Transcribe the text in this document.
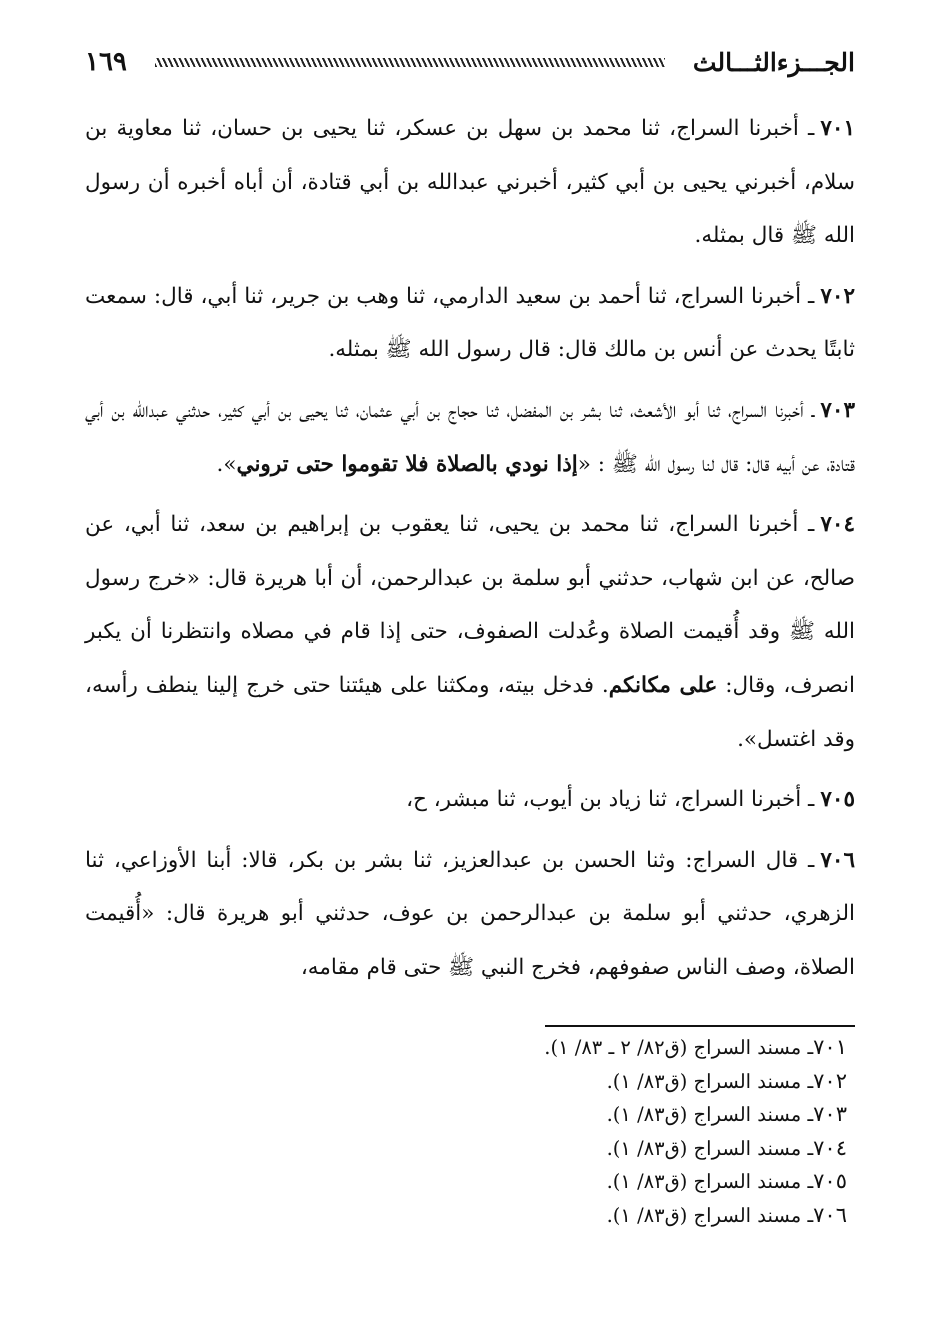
١٦٩	الجـــزءالثـــالث

٧٠١ـ أخبرنا السراج، ثنا محمد بن سهل بن عسكر، ثنا يحيى بن حسان، ثنا معاوية بن سلام، أخبرني يحيى بن أبي كثير، أخبرني عبدالله بن أبي قتادة، أن أباه أخبره أن رسول الله ﷺ قال بمثله.

٧٠٢ـ أخبرنا السراج، ثنا أحمد بن سعيد الدارمي، ثنا وهب بن جرير، ثنا أبي، قال: سمعت ثابتًا يحدث عن أنس بن مالك قال: قال رسول الله ﷺ بمثله.

٧٠٣ـ أخبرنا السراج، ثنا أبو الأشعث، ثنا بشر بن المفضل، ثنا حجاج بن أبي عثمان، ثنا يحيى بن أبي كثير، حدثني عبدالله بن أبي قتادة، عن أبيه قال: قال لنا رسول الله ﷺ : «إذا نودي بالصلاة فلا تقوموا حتى تروني».

٧٠٤ـ أخبرنا السراج، ثنا محمد بن يحيى، ثنا يعقوب بن إبراهيم بن سعد، ثنا أبي، عن صالح، عن ابن شهاب، حدثني أبو سلمة بن عبدالرحمن، أن أبا هريرة قال: «خرج رسول الله ﷺ وقد أُقيمت الصلاة وعُدلت الصفوف، حتى إذا قام في مصلاه وانتظرنا أن يكبر انصرف، وقال: على مكانكم. فدخل بيته، ومكثنا على هيئتنا حتى خرج إلينا ينطف رأسه، وقد اغتسل».

٧٠٥ـ أخبرنا السراج، ثنا زياد بن أيوب، ثنا مبشر، ح،

٧٠٦ـ قال السراج: وثنا الحسن بن عبدالعزيز، ثنا بشر بن بكر، قالا: أبنا الأوزاعي، ثنا الزهري، حدثني أبو سلمة بن عبدالرحمن بن عوف، حدثني أبو هريرة قال: «أُقيمت الصلاة، وصف الناس صفوفهم، فخرج النبي ﷺ حتى قام مقامه،

٧٠١ـ مسند السراج (ق٨٢/ ٢ ـ ٨٣/ ١).
٧٠٢ـ مسند السراج (ق٨٣/ ١).
٧٠٣ـ مسند السراج (ق٨٣/ ١).
٧٠٤ـ مسند السراج (ق٨٣/ ١).
٧٠٥ـ مسند السراج (ق٨٣/ ١).
٧٠٦ـ مسند السراج (ق٨٣/ ١).
